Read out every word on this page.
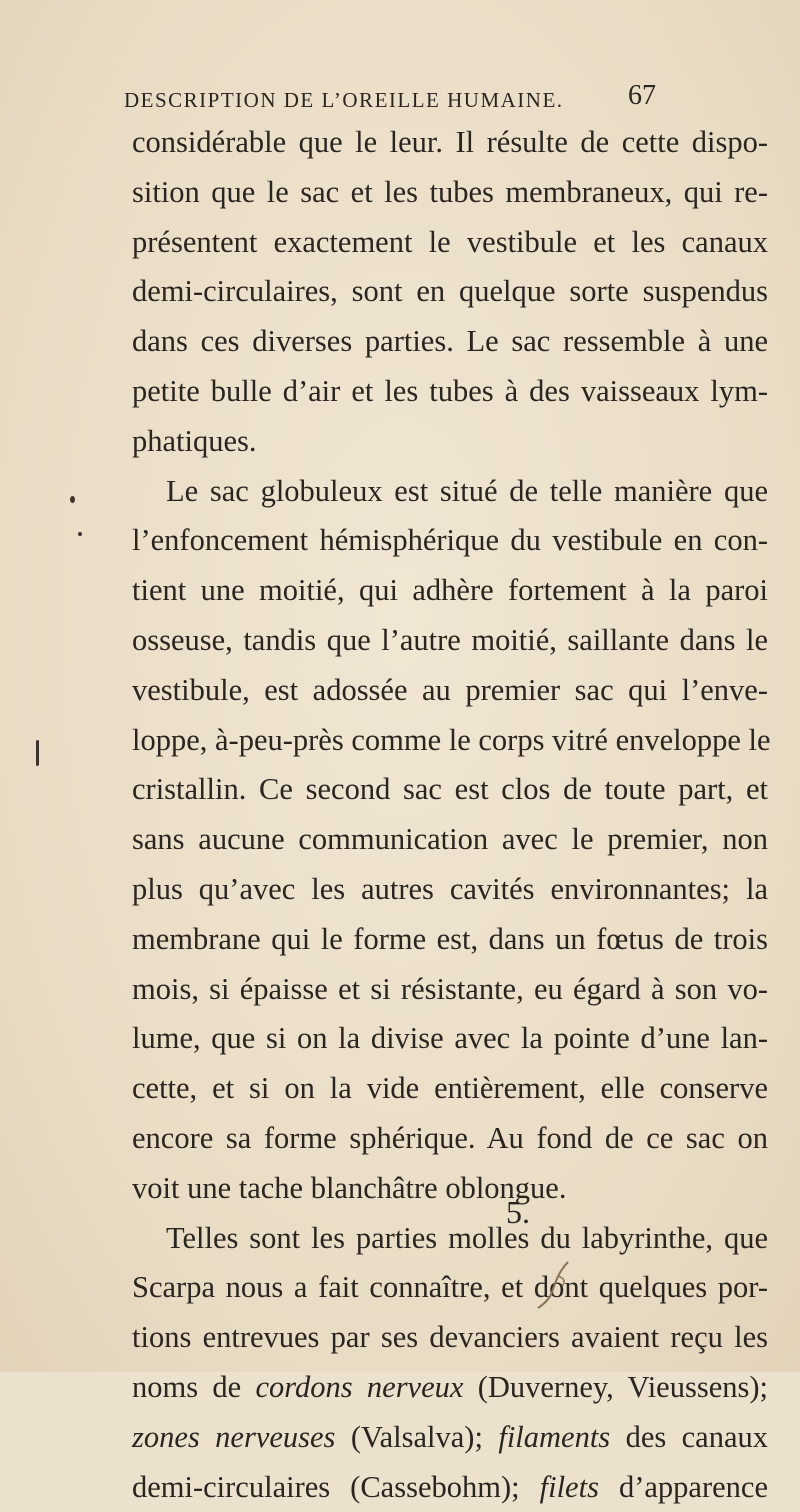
DESCRIPTION DE L’OREILLE HUMAINE. 67
considérable que le leur. Il résulte de cette dispo-
sition que le sac et les tubes membraneux, qui re-
présentent exactement le vestibule et les canaux
demi-circulaires, sont en quelque sorte suspendus
dans ces diverses parties. Le sac ressemble à une
petite bulle d’air et les tubes à des vaisseaux lym-
phatiques.
Le sac globuleux est situé de telle manière que
l’enfoncement hémisphérique du vestibule en con-
tient une moitié, qui adhère fortement à la paroi
osseuse, tandis que l’autre moitié, saillante dans le
vestibule, est adossée au premier sac qui l’enve-
loppe, à-peu-près comme le corps vitré enveloppe le
cristallin. Ce second sac est clos de toute part, et
sans aucune communication avec le premier, non
plus qu’avec les autres cavités environnantes; la
membrane qui le forme est, dans un fœtus de trois
mois, si épaisse et si résistante, eu égard à son vo-
lume, que si on la divise avec la pointe d’une lan-
cette, et si on la vide entièrement, elle conserve
encore sa forme sphérique. Au fond de ce sac on
voit une tache blanchâtre oblongue.
Telles sont les parties molles du labyrinthe, que
Scarpa nous a fait connaître, et dont quelques por-
tions entrevues par ses devanciers avaient reçu les
noms de cordons nerveux (Duverney, Vieussens);
zones nerveuses (Valsalva); filaments des canaux
demi-circulaires (Cassebohm); filets d’apparence
5.
